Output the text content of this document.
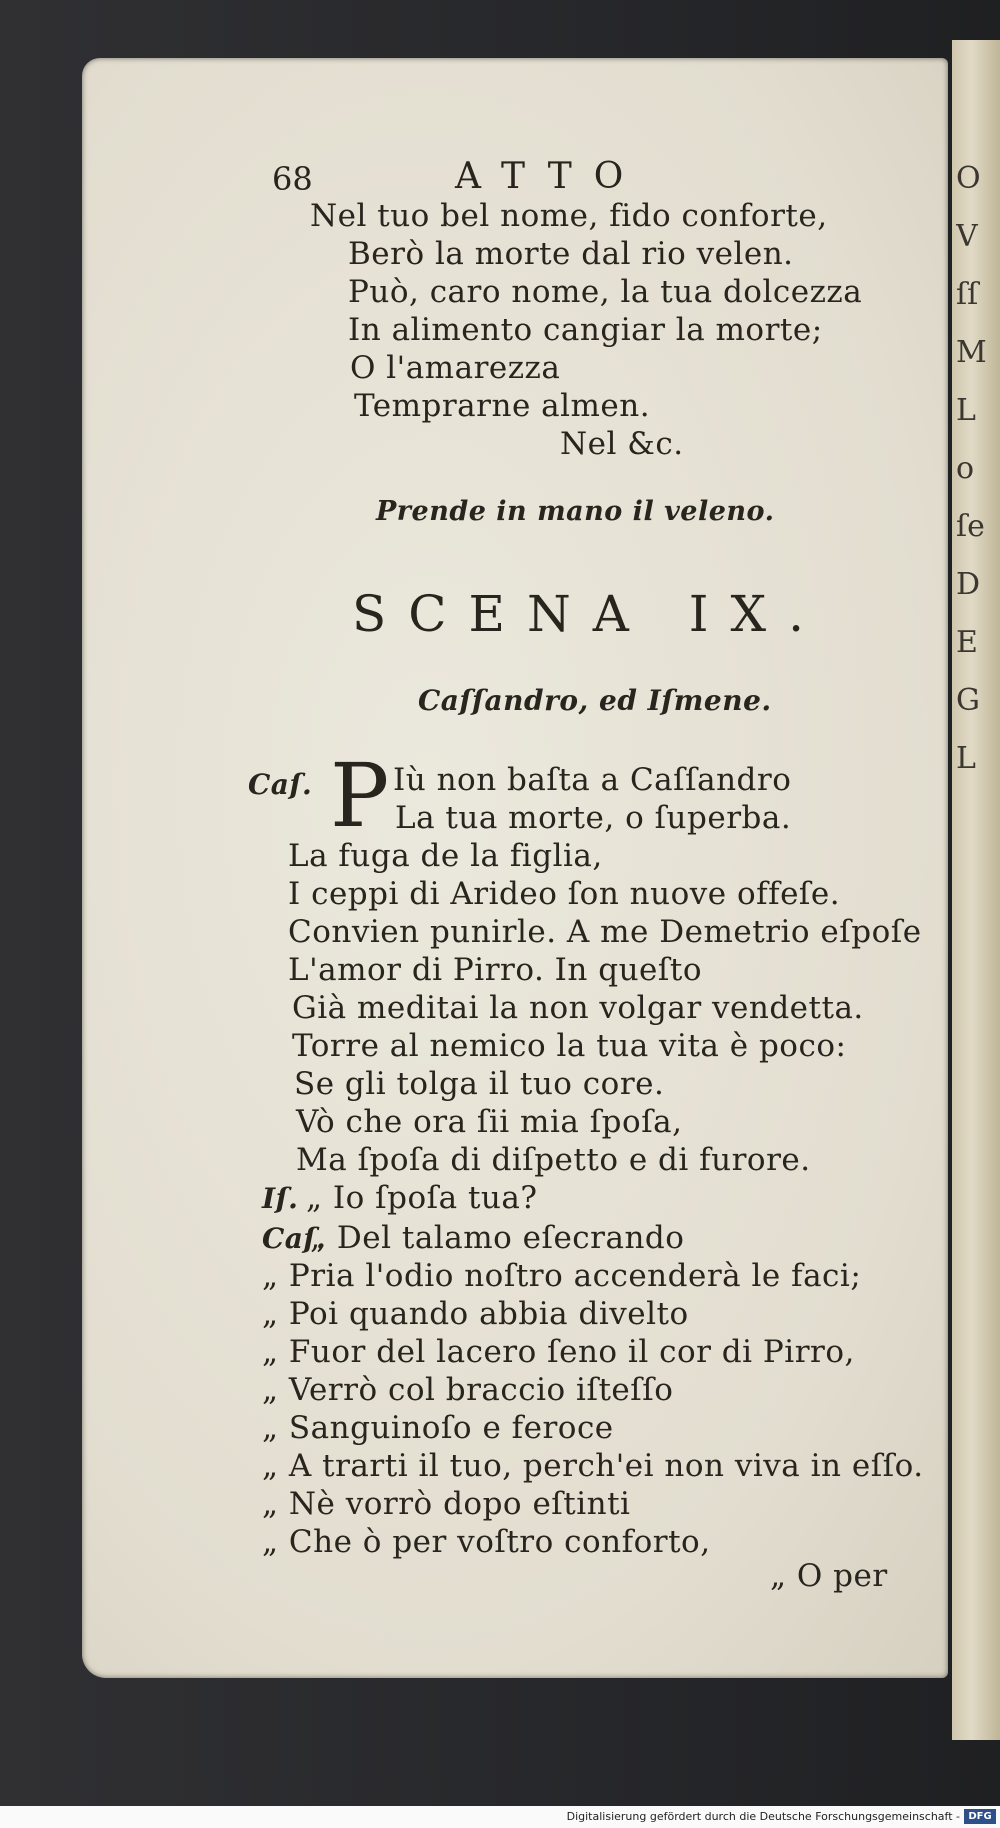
O
V
ſſ
M
L
o
ſe
D
E
G
L
68	ATTO
Nel tuo bel nome, fido conforte,
Berò la morte dal rio velen.
Può, caro nome, la tua dolcezza
In alimento cangiar la morte;
O l'amarezza
Temprarne almen.
Nel &c.
Prende in mano il veleno.
SCENA IX.
Caſſandro, ed Iſmene.
Caſ. P Iù non baſta a Caſſandro
La tua morte, o ſuperba.
La fuga de la figlia,
I ceppi di Arideo ſon nuove offeſe.
Convien punirle. A me Demetrio eſpoſe
L'amor di Pirro. In queſto
Già meditai la non volgar vendetta.
Torre al nemico la tua vita è poco:
Se gli tolga il tuo core.
Vò che ora ſii mia ſpoſa,
Ma ſpoſa di diſpetto e di furore.
Iſ. „ Io ſpoſa tua?
Caſ.
„ Del talamo eſecrando
„ Pria l'odio noſtro accenderà le faci;
„ Poi quando abbia divelto
„ Fuor del lacero ſeno il cor di Pirro,
„ Verrò col braccio iſteſſo
„ Sanguinoſo e feroce
„ A trarti il tuo, perch'ei non viva in eſſo.
„ Nè vorrò dopo eſtinti
„ Che ò per voſtro conforto,
„ O per
Digitalisierung gefördert durch die Deutsche Forschungsgemeinschaft - DFG
